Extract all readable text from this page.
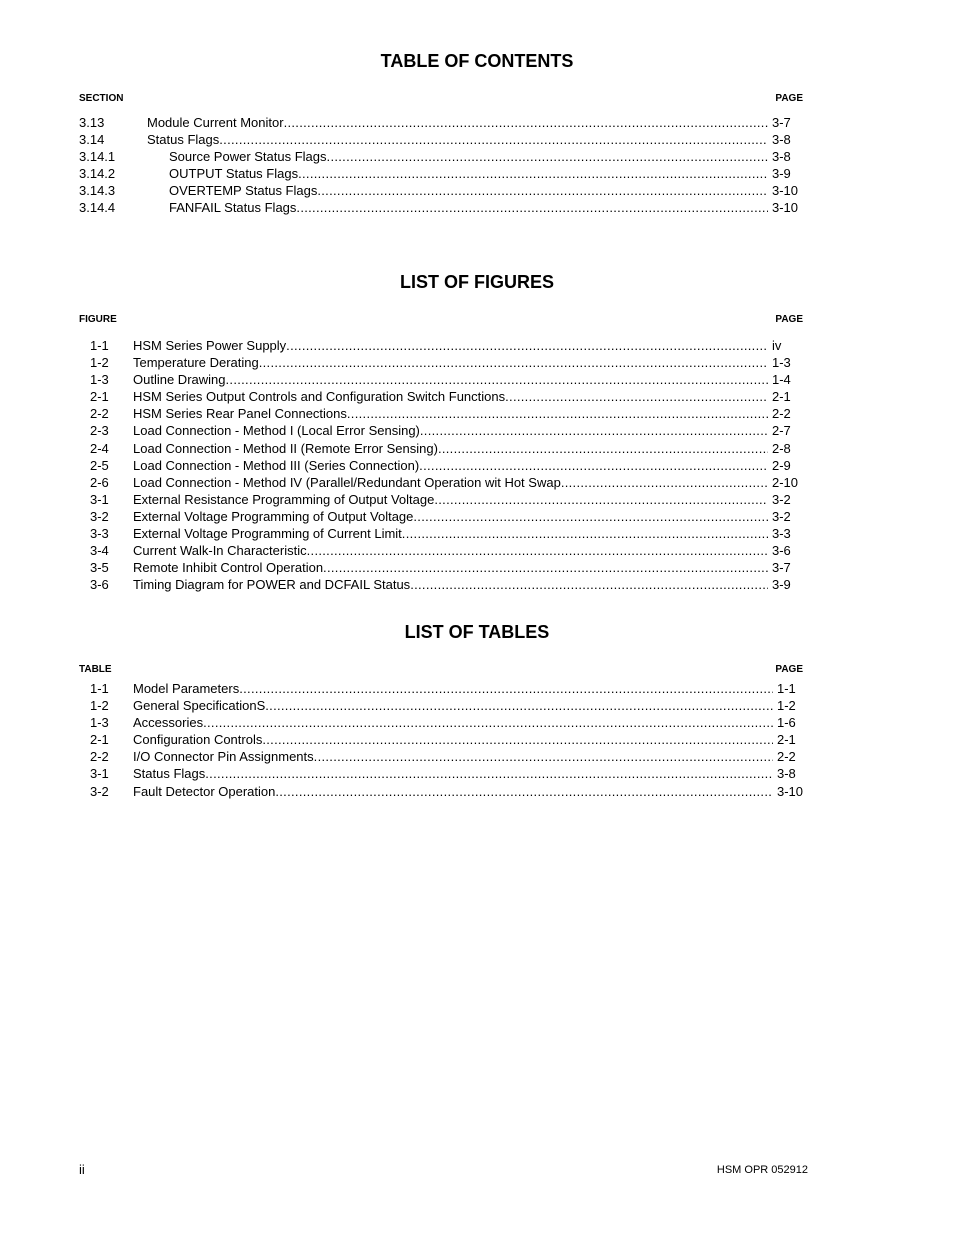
TABLE OF CONTENTS
SECTION	PAGE
3.13	Module Current Monitor .....	3-7
3.14	Status Flags .....	3-8
3.14.1	Source Power Status Flags .....	3-8
3.14.2	OUTPUT Status Flags .....	3-9
3.14.3	OVERTEMP Status Flags .....	3-10
3.14.4	FANFAIL Status Flags .....	3-10
LIST OF FIGURES
FIGURE	PAGE
1-1 HSM Series Power Supply .....	iv
1-2 Temperature Derating .....	1-3
1-3 Outline Drawing .....	1-4
2-1 HSM Series Output Controls and Configuration Switch Functions .....	2-1
2-2 HSM Series Rear Panel Connections .....	2-2
2-3 Load Connection - Method I (Local Error Sensing) .....	2-7
2-4 Load Connection - Method II (Remote Error Sensing) .....	2-8
2-5 Load Connection - Method III (Series Connection) .....	2-9
2-6 Load Connection - Method IV (Parallel/Redundant Operation wit Hot Swap .....	2-10
3-1 External Resistance Programming of Output Voltage .....	3-2
3-2 External Voltage Programming of Output Voltage .....	3-2
3-3 External Voltage Programming of Current Limit .....	3-3
3-4 Current Walk-In Characteristic .....	3-6
3-5 Remote Inhibit Control Operation .....	3-7
3-6 Timing Diagram for POWER and DCFAIL Status .....	3-9
LIST OF TABLES
TABLE	PAGE
1-1 Model Parameters .....	1-1
1-2 General SpecificationS .....	1-2
1-3 Accessories .....	1-6
2-1 Configuration Controls .....	2-1
2-2 I/O Connector Pin Assignments .....	2-2
3-1 Status Flags .....	3-8
3-2 Fault Detector Operation .....	3-10
ii	HSM OPR 052912
